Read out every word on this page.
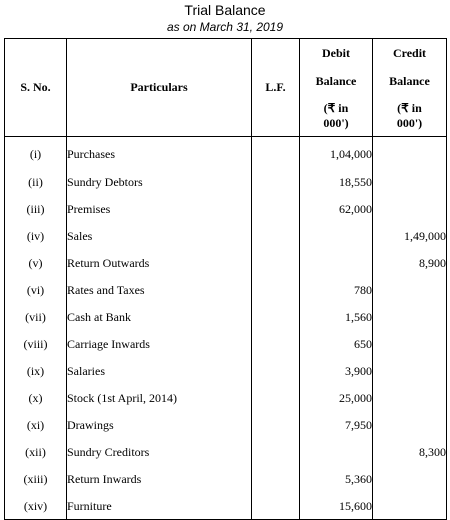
Trial Balance
as on March 31, 2019
S. No.	Particulars	L.F.	Debit
Balance
(₹ in
000')	Credit
Balance
(₹ in
000')

(i)	Purchases		1,04,000	
(ii)	Sundry Debtors		18,550	
(iii)	Premises		62,000	
(iv)	Sales			1,49,000
(v)	Return Outwards			8,900
(vi)	Rates and Taxes		780	
(vii)	Cash at Bank		1,560	
(viii)	Carriage Inwards		650	
(ix)	Salaries		3,900	
(x)	Stock (1st April, 2014)		25,000	
(xi)	Drawings		7,950	
(xii)	Sundry Creditors			8,300
(xiii)	Return Inwards		5,360	
(xiv)	Furniture		15,600	
